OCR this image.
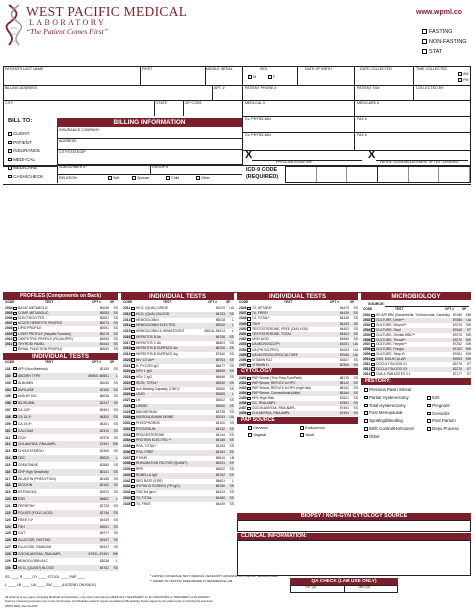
WEST PACIFIC MEDICAL
LABORATORY
“The Patient Comes First”
www.wpml.co
FASTING
NON-FASTING
STAT
PATIENTS LAST NAME	FIRST	MIDDLE INITIAL	SEX
M	F
DATE OF BIRTH	DATE COLLECTED	TIME COLLECTED
AM
PM
BILLING ADDRESS	APT. #	PATIENT PHONE #	PATIENT SS#	COLLECTED BY:
CITY	STATE	ZIP CODE	MEDI-CAL #	MEDICARE #
Cc. PHYSICIAN	FAX #
Cc. PHYSICIAN	FAX #
X	X
PHYSICIAN SIGNATURE	PATIENT ACKNOWLEDGEMENT OF TEST ORDERED
BILL TO:	BILLING INFORMATION
CLIENT
PATIENT
INSURANCE
MEDI-CAL
MEDICARE
CASH/CHECK
INSURANCE COMPANY:
ADDRESS
CITY/STATE/ZIP
SUBSCRIBER #	GROUP #
RELATION	Self	Spouse	Child	Other
ICD-9 CODE
(REQUIRED)
PROFILES (Components on Back)	INDIVIDUAL TESTS	INDIVIDUAL TESTS	MICROBIOLOGY
CODE	TEST	CPT #	SP
2004 BASIC METABOLIC	80048 SS
2005 COMP. METABOLIC	80053 SS
2006 ELECTROLYTES	80051 SS
2007 ACUTE HEPATITIS PROFILE	80074 SS
2008 LIPID PROFILE	80061 SS
2009 LIVER PROFILE (Hepatic Function)	80076 SS
2010 OBSTETRIC PROFILE (Rh,Ab,RPR)	80055 SS
2011 THYROID PANEL	84443 SS
RENAL FUNCTION PROFILE	80069 SS
INDIVIDUAL TESTS
CODE	TEST	CPT #	SP
101 AFP (Non Maternal)	82105 SS
102 ABO/RH TYPE	86900, 86901 L
103 ALBUMIN	82040 SS
104 AMYLASE	82150 SS
105 ANA BY EIA	86038 SS
106 BILIRUBIN	82247 SS
107 CA 125*	86304 SS
108 CA 15-3*	86300 SS
109 CA 19-9*	86301 SS
110 CALCIUM	82310 SS
111 CEA*	82378 SS
112 CHLAMYDIA, RNA AMPL.	87491 SW
113 CHOLESTEROL*	82465 SS
114 CBC	85025 L
115 CREATININE	82565 SS
116 CRP High Sensitivity	86141 SS
117 DILANTIN (PHENYTOIN)	80185 SS
118 DIGOXIN	80162 SS
119 ESTRADIOL	82670 SS
120 ESR	85652 L
121 FERRITIN*	82728 SS
122 FOLATE (FOLIC ACID)	82746 SS
123 FREE T4*	84439 SS
124 FSH	83001 SS
125 GGT	82977 SS
126 GLUCOSE, FASTING	82947 SS
127 GLUCOSE, RANDOM	82947 SS
128 GOCHLAMYDIA, RNA AMPL.	87591, 87491 SW
129 HEMOGLOBIN A1C	83036 L
130 HCG, (QUANT) BLOOD	84702 SS
CODE	TEST	CPT #	SP
2311 HCG, (QUAL) URINE	81025 UA
2312 HCG, (QUAL) BLOOD	84703 SS
2313 HEMOGLOBIN	85018 L
2314 HEMOGLOBIN ELECTRO.	83020 L
2315 HEMOGLOBIN & HEMATOCRIT	85018, 85014 L
2316 HEPATITIS B Ab	86706 SS
2317 HEPATITIS C Ab	86803 SS
2318 HEPATITIS B SURFACE Ab	86706 SS
2319 HEPATITIS B SURFACE Ag	87340 SS
2320 HIV 1/2 Ab**	86703 SS
2321 H. PYLORI IgG	86677 SS
2322 HSV 1 IgG	86695 SS
2323 HSV 2 IgG	86696 SS
2324 IRON, TOTAL*	83540 SS
2325 Iron Binding Capacity (TIBC)*	83550 SS
2326 LEAD	83655 L
2327 LH	83002 SS
2328 LIPASE	83690 SS
2329 MAGNESIUM	83735 SS
2330 MICROALBUMIN URINE	82043 UA
2331 PHOSPHORUS	84100 SS
2332 POTASSIUM	84132 SS
2333 PROGESTERONE	84144 SS
2334 PROTEIN ELECTRO.**	84165 SS
2335 PSA, TOTAL*	84153 SS
2336 PSA, FREE	84154 SS
2337 PT/INR	85610 LB
2338 RHEUMATOID FACTOR (QUANT)	86431 SS
2339 RPR	86592 SS
2340 RUBELLA IgG	86762 SS
2341 SED RATE (ESR)	85651 L
2342 SYPHILIS SCREEN (TP-IgG)	86780 SS
2343 T3H 3rd gen.*	84443 SS
2344 T3, TOTAL	84480 SS
2345 T4, FREE	84439 SS
CODE	TEST	CPT #	SP
2346 T3, UPTAKE*	84479 SS
2347 T4, FREE*	84439 SS
2348 T4, TOTAL*	84436 SS
2349 TSH*	84443 SS
2350 TESTOSTERONE, FREE (DIALYSIS)	84402 SS
2351 TESTOSTERONE, TOTAL	84403 SS
2352 URIC ACID	84550 SS
2353 UA MICROSCOPY	81001 UA
2354 UA (PH-SG-PRO)	81003 UA
2355 UA MICROSCOPIC/CULTURE	87086 UA
2356 VITAMIN B12	82607 SS
2357 VITAMIN D	82306 SS
CYTOLOGY
2401 PAP Smear (Thin Prep,SurePath)	88175 SS
2402 PAP Smear, REFLEX to HPV	88142 SS
2403 PAP Smear, REFLEX to HPV (high risk)	88142 SS
2404 PAP Smear, Conventional (slide)	88164 SS
2405 HPV High Risk	87621 SS
2406 GC, RNA AMPL.	87591 SS
2407 GOCHLAMYDIA, RNA AMPL.	87491 SS
2408 CHLAMYDIA, RNA AMPL.	87491 SS
PAP SOURCE
Cervical	Endocervix
Vaginal	Vault
SOURCE:
CODE	TEST	CPT # SP
2501 SD AFFIRM (Gardnerella, Trichomonas, Candida) 87480 SW
2502 CULTURE, Urine**	87086 UA
2503 CULTURE, Wound**	87070 SW
2504 CULTURE, Stool	87045 ST
2505 CULTURE, Genital WBC**	87070 SW
2506 CULTURE, Throat**	87070 SW
2507 CULTURE, Herpes**	87252 SW
2508 CULTURE, Fungal	87102 SW
2509 CULTURE, Strep B	87081 SW
2510 GBS, MOLECULAR	87653 SW
2511 OCCULT BLOOD X1	82270 ST
2512 OCCULT BLOOD X3	82270 ST
2513 OVA & PARASITES X1	87177 ST
HISTORY:
Previous Pawn Smear
Partial Hysterectomy
Total Hysterectomy
Post Menopausal
Spotting/Bleeding
Birth Control/Hormones
Other
IUD
Pregnant
Cervicitis
Post Partum
Depo Provera
BIOPSY / NON-GYN CYTOLOGY SOURCE
CLINICAL INFORMATION:
QA CHECK (LAB USE ONLY)
1ST QA	2ND QA
SS ____ R ____ GY ____ STOOL ____ PAP ____
L ____ LB ____ UA ____ SW ____ (LEGEND ON BACK)
* LIMITED COVERAGE TEST. MEDICAL NECESSITY ADVANCE NOTICE MAY BE REQUIRED
** REFER TO TESTING PERFORMED AT REFERENCE LAB
All ordering of any paper (including Medicaid and Medicare), only order tests that are MEDICALLY NECESSARY for the DIAGNOSIS or TREATMENT of the PATIENT.
Tests for screening purposes may not be reimbursed, and Medicare patients require an Advanced Beneficiary Notice signed by the patient prior to drawing the specimen.
WPML REQ. Rev 09-2015
